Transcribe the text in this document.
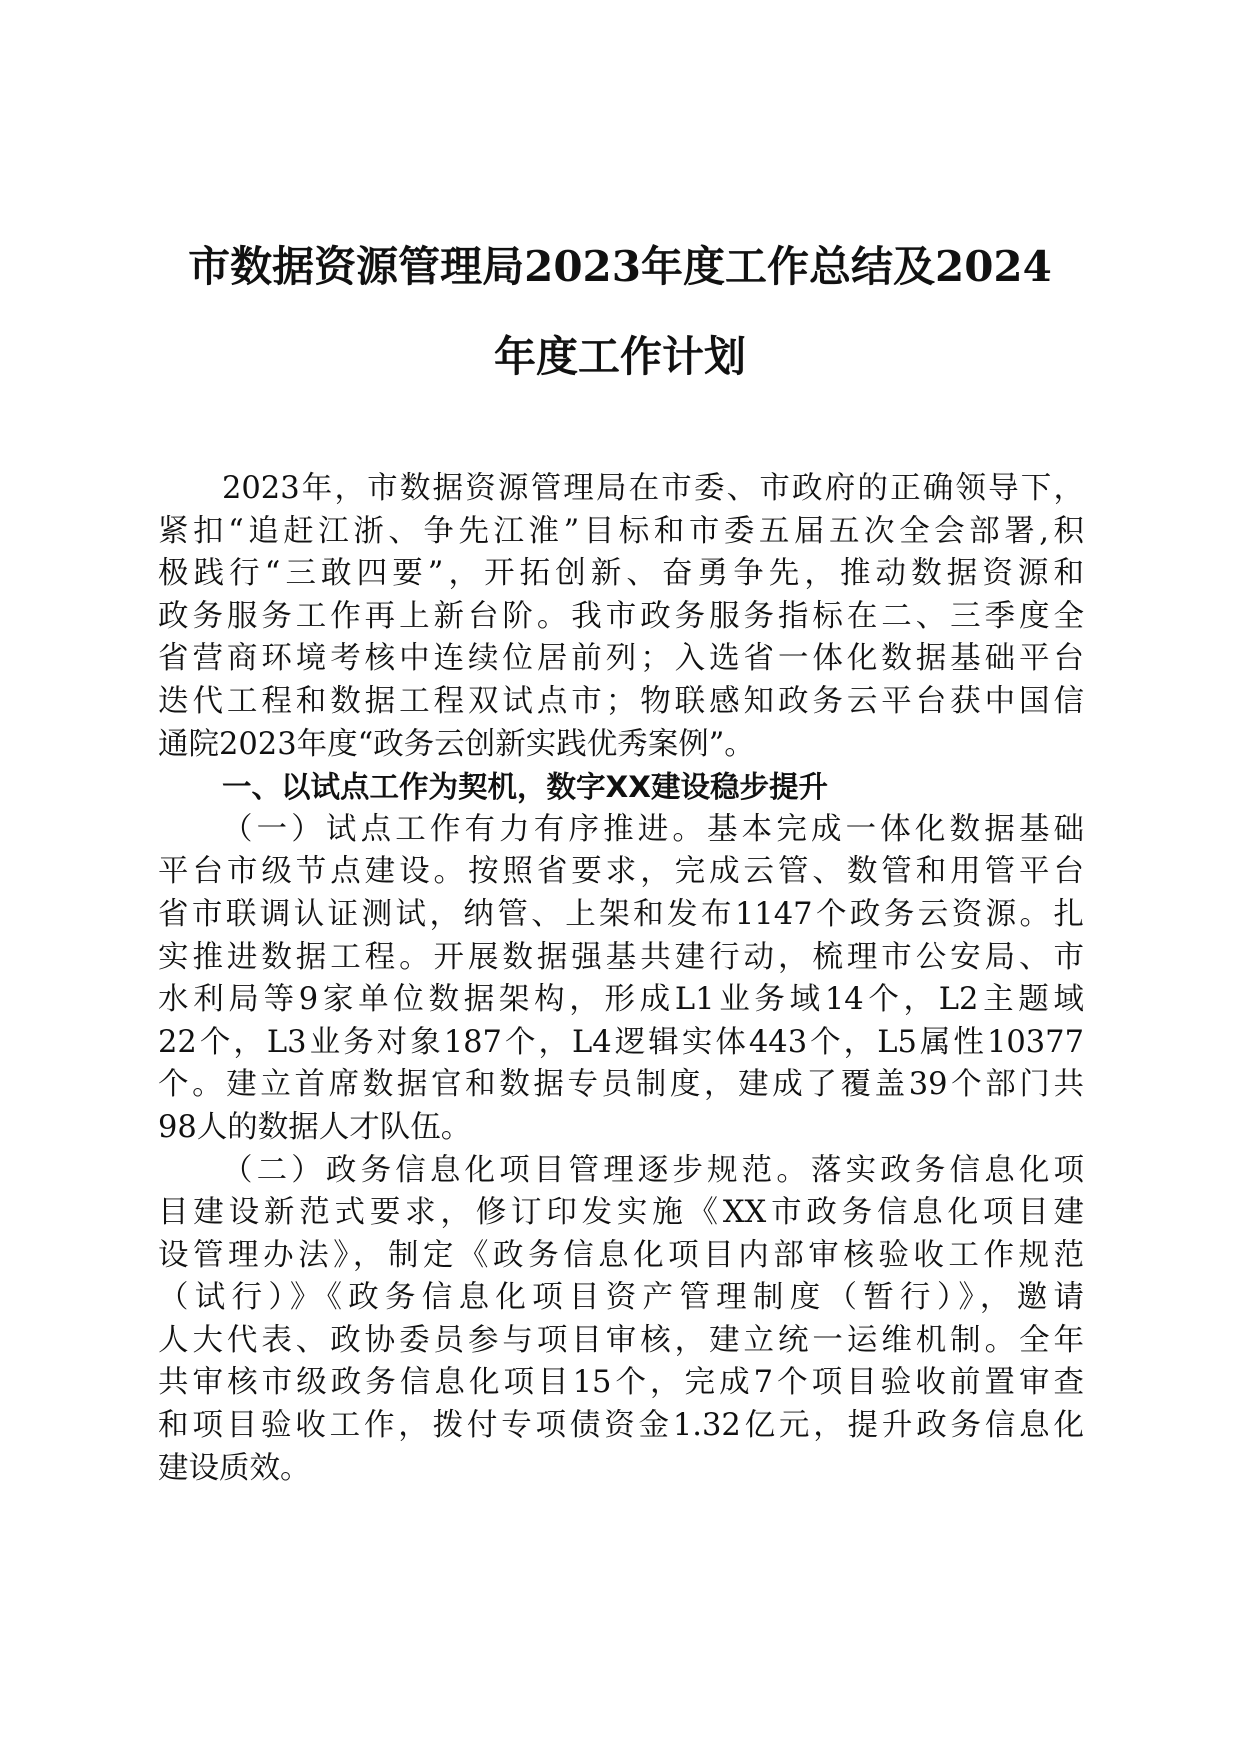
市数据资源管理局2023年度工作总结及2024
年度工作计划
2023年，市数据资源管理局在市委、市政府的正确领导下，
紧扣“追赶江浙、争先江淮”目标和市委五届五次全会部署,积
极践行“三敢四要”，开拓创新、奋勇争先，推动数据资源和
政务服务工作再上新台阶。我市政务服务指标在二、三季度全
省营商环境考核中连续位居前列；入选省一体化数据基础平台
迭代工程和数据工程双试点市；物联感知政务云平台获中国信
通院2023年度“政务云创新实践优秀案例”。
一、以试点工作为契机，数字XX建设稳步提升
（一）试点工作有力有序推进。基本完成一体化数据基础
平台市级节点建设。按照省要求，完成云管、数管和用管平台
省市联调认证测试，纳管、上架和发布1147个政务云资源。扎
实推进数据工程。开展数据强基共建行动，梳理市公安局、市
水利局等9家单位数据架构，形成L1业务域14个，L2主题域
22个，L3业务对象187个，L4逻辑实体443个，L5属性10377
个。建立首席数据官和数据专员制度，建成了覆盖39个部门共
98人的数据人才队伍。
（二）政务信息化项目管理逐步规范。落实政务信息化项
目建设新范式要求，修订印发实施《XX市政务信息化项目建
设管理办法》，制定《政务信息化项目内部审核验收工作规范
（试行）》《政务信息化项目资产管理制度（暂行）》，邀请
人大代表、政协委员参与项目审核，建立统一运维机制。全年
共审核市级政务信息化项目15个，完成7个项目验收前置审查
和项目验收工作，拨付专项债资金1.32亿元，提升政务信息化
建设质效。
